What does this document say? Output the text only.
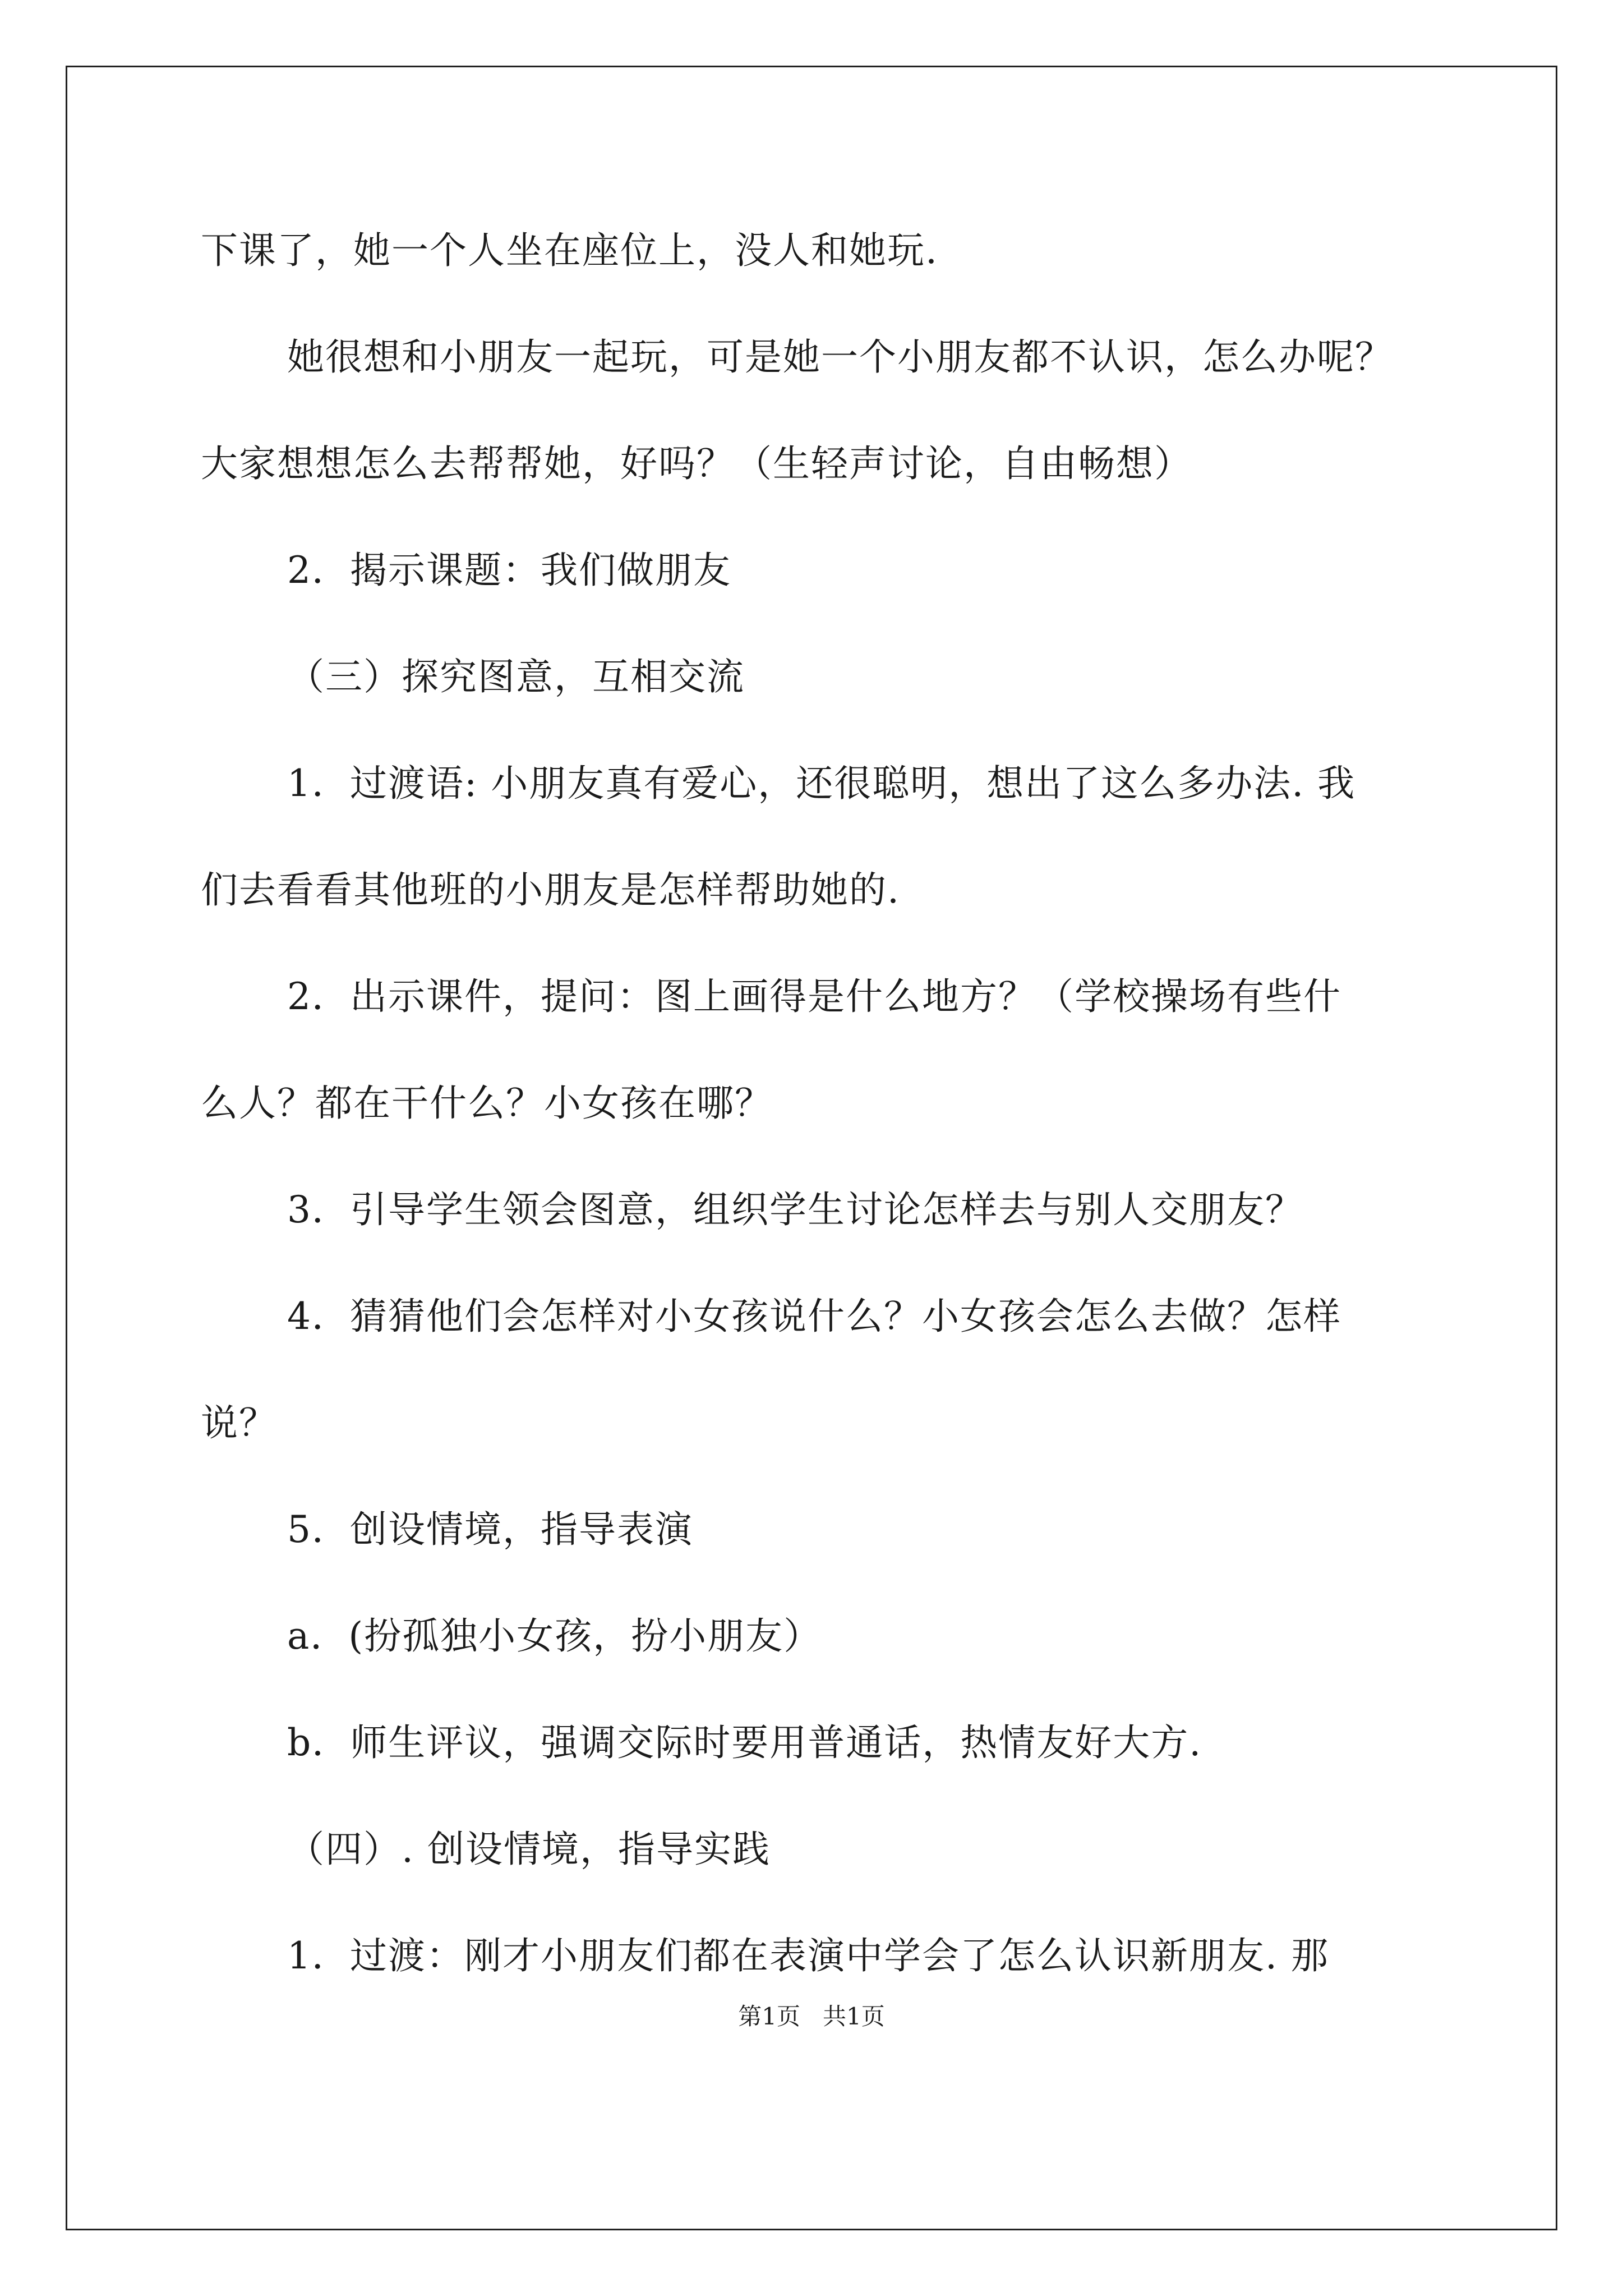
下课了，她一个人坐在座位上，没人和她玩.
她很想和小朋友一起玩，可是她一个小朋友都不认识，怎么办呢？
大家想想怎么去帮帮她，好吗？（生轻声讨论，自由畅想）
2．揭示课题：我们做朋友
（三）探究图意，互相交流
1．过渡语: 小朋友真有爱心，还很聪明，想出了这么多办法. 我
们去看看其他班的小朋友是怎样帮助她的.
2．出示课件，提问：图上画得是什么地方？（学校操场有些什
么人？都在干什么？小女孩在哪？
3．引导学生领会图意，组织学生讨论怎样去与别人交朋友？
4．猜猜他们会怎样对小女孩说什么？小女孩会怎么去做？怎样
说？
5．创设情境，指导表演
a．(扮孤独小女孩，扮小朋友）
b．师生评议，强调交际时要用普通话，热情友好大方.
（四）. 创设情境，指导实践
1．过渡：刚才小朋友们都在表演中学会了怎么认识新朋友. 那
第1页   共1页
